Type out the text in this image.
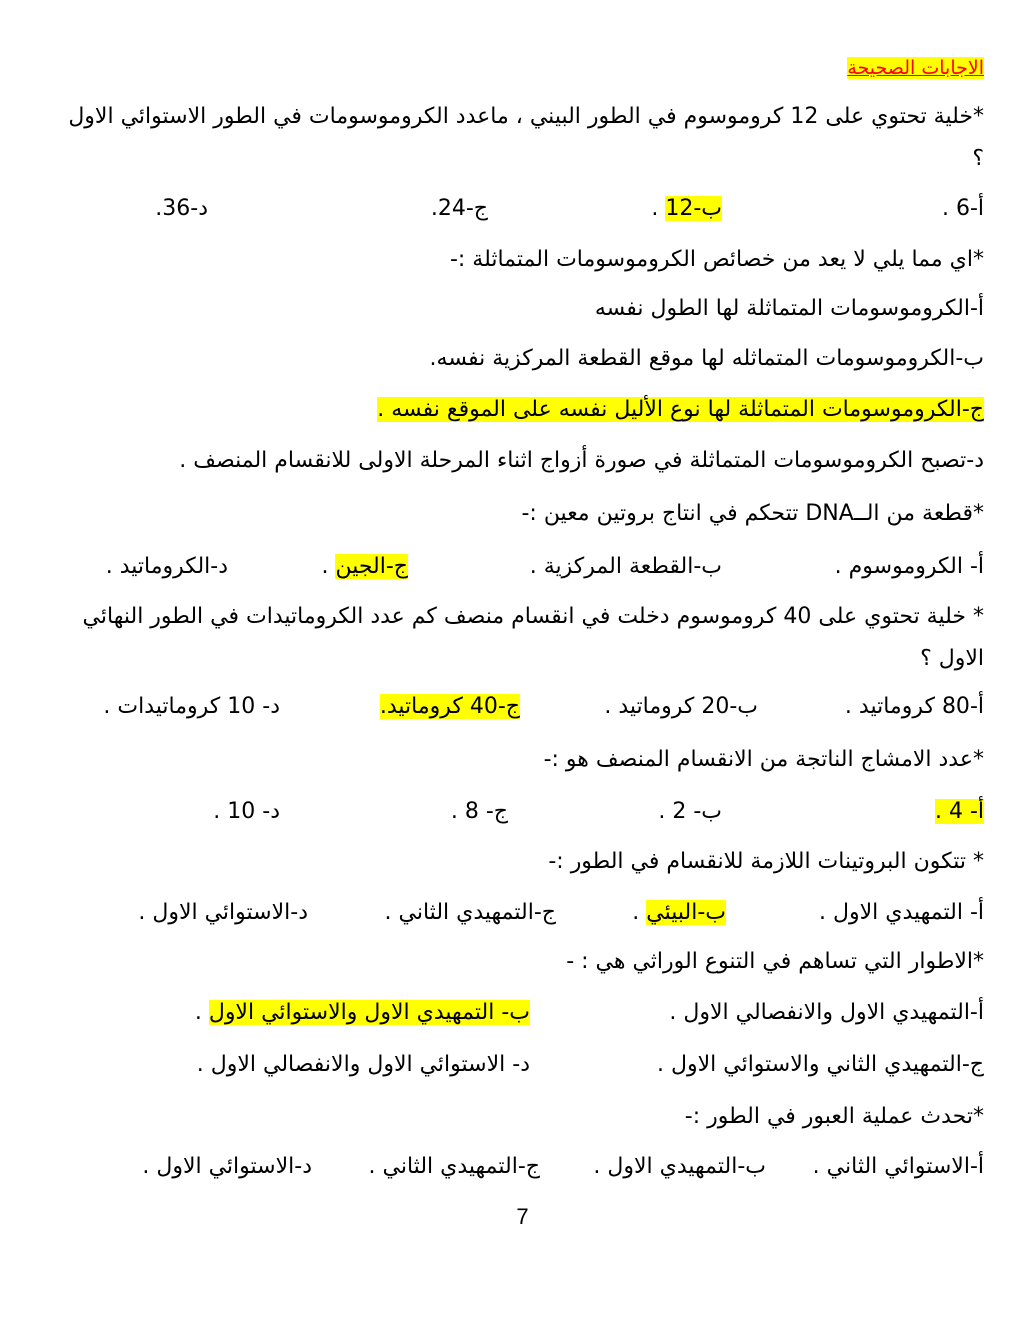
الاجابات الصحيحة
*خلية تحتوي على 12 كروموسوم في الطور البيني ، ماعدد الكروموسومات في الطور الاستوائي الاول ؟
أ-6 .
ب-12 .
ج-24.
د-36.
*اي مما يلي لا يعد من خصائص الكروموسومات المتماثلة :-
أ-الكروموسومات المتماثلة لها الطول نفسه
ب-الكروموسومات المتماثله لها موقع القطعة المركزية نفسه.
ج-الكروموسومات المتماثلة لها نوع الأليل نفسه على الموقع نفسه .
د-تصبح الكروموسومات المتماثلة في صورة أزواج اثناء المرحلة الاولى للانقسام المنصف .
*قطعة من الــDNA تتحكم في انتاج بروتين معين :-
أ- الكروموسوم .
ب-القطعة المركزية .
ج-الجين .
د-الكروماتيد .
* خلية تحتوي على 40 كروموسوم دخلت في انقسام منصف كم عدد الكروماتيدات في الطور النهائي الاول ؟
أ-80 كروماتيد .
ب-20 كروماتيد .
ج-40 كروماتيد.
د- 10 كروماتيدات .
*عدد الامشاج الناتجة من الانقسام المنصف هو :-
أ- 4 .
ب- 2 .
ج- 8 .
د- 10 .
* تتكون البروتينات اللازمة للانقسام في الطور :-
أ- التمهيدي الاول .
ب-البيئي .
ج-التمهيدي الثاني .
د-الاستوائي الاول .
*الاطوار التي تساهم في التنوع الوراثي هي : -
أ-التمهيدي الاول والانفصالي الاول .
ب- التمهيدي الاول والاستوائي الاول .
ج-التمهيدي الثاني والاستوائي الاول .
د- الاستوائي الاول والانفصالي الاول .
*تحدث عملية العبور في الطور :-
أ-الاستوائي الثاني .
ب-التمهيدي الاول .
ج-التمهيدي الثاني .
د-الاستوائي الاول .
7
